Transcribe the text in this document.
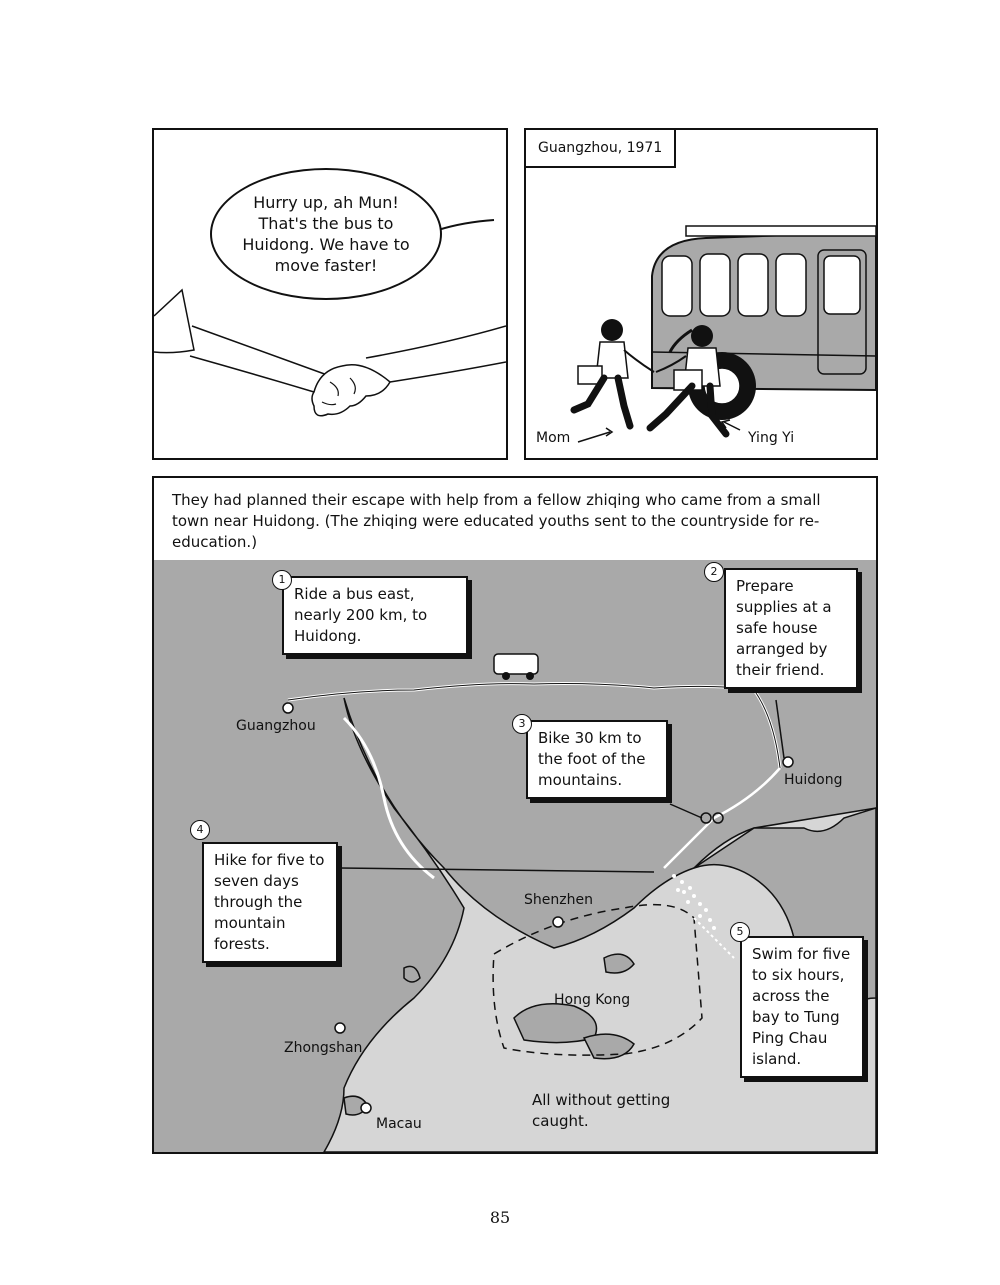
Hurry up, ah Mun! That's the bus to Huidong. We have to move faster!
Guangzhou, 1971
Mom	Ying Yi
They had planned their escape with help from a fellow zhiqing who came from a small town near Huidong. (The zhiqing were educated youths sent to the countryside for re-education.)
Ride a bus east, nearly 200 km, to Huidong.
1	Prepare supplies at a safe house arranged by their friend.
2
Bike 30 km to the foot of the mountains.
3
Hike for five to seven days through the mountain forests.
4
Swim for five to six hours, across the bay to Tung Ping Chau island.
5
Guangzhou
Huidong
Shenzhen
Hong Kong
Zhongshan
Macau
All without getting caught.
85
